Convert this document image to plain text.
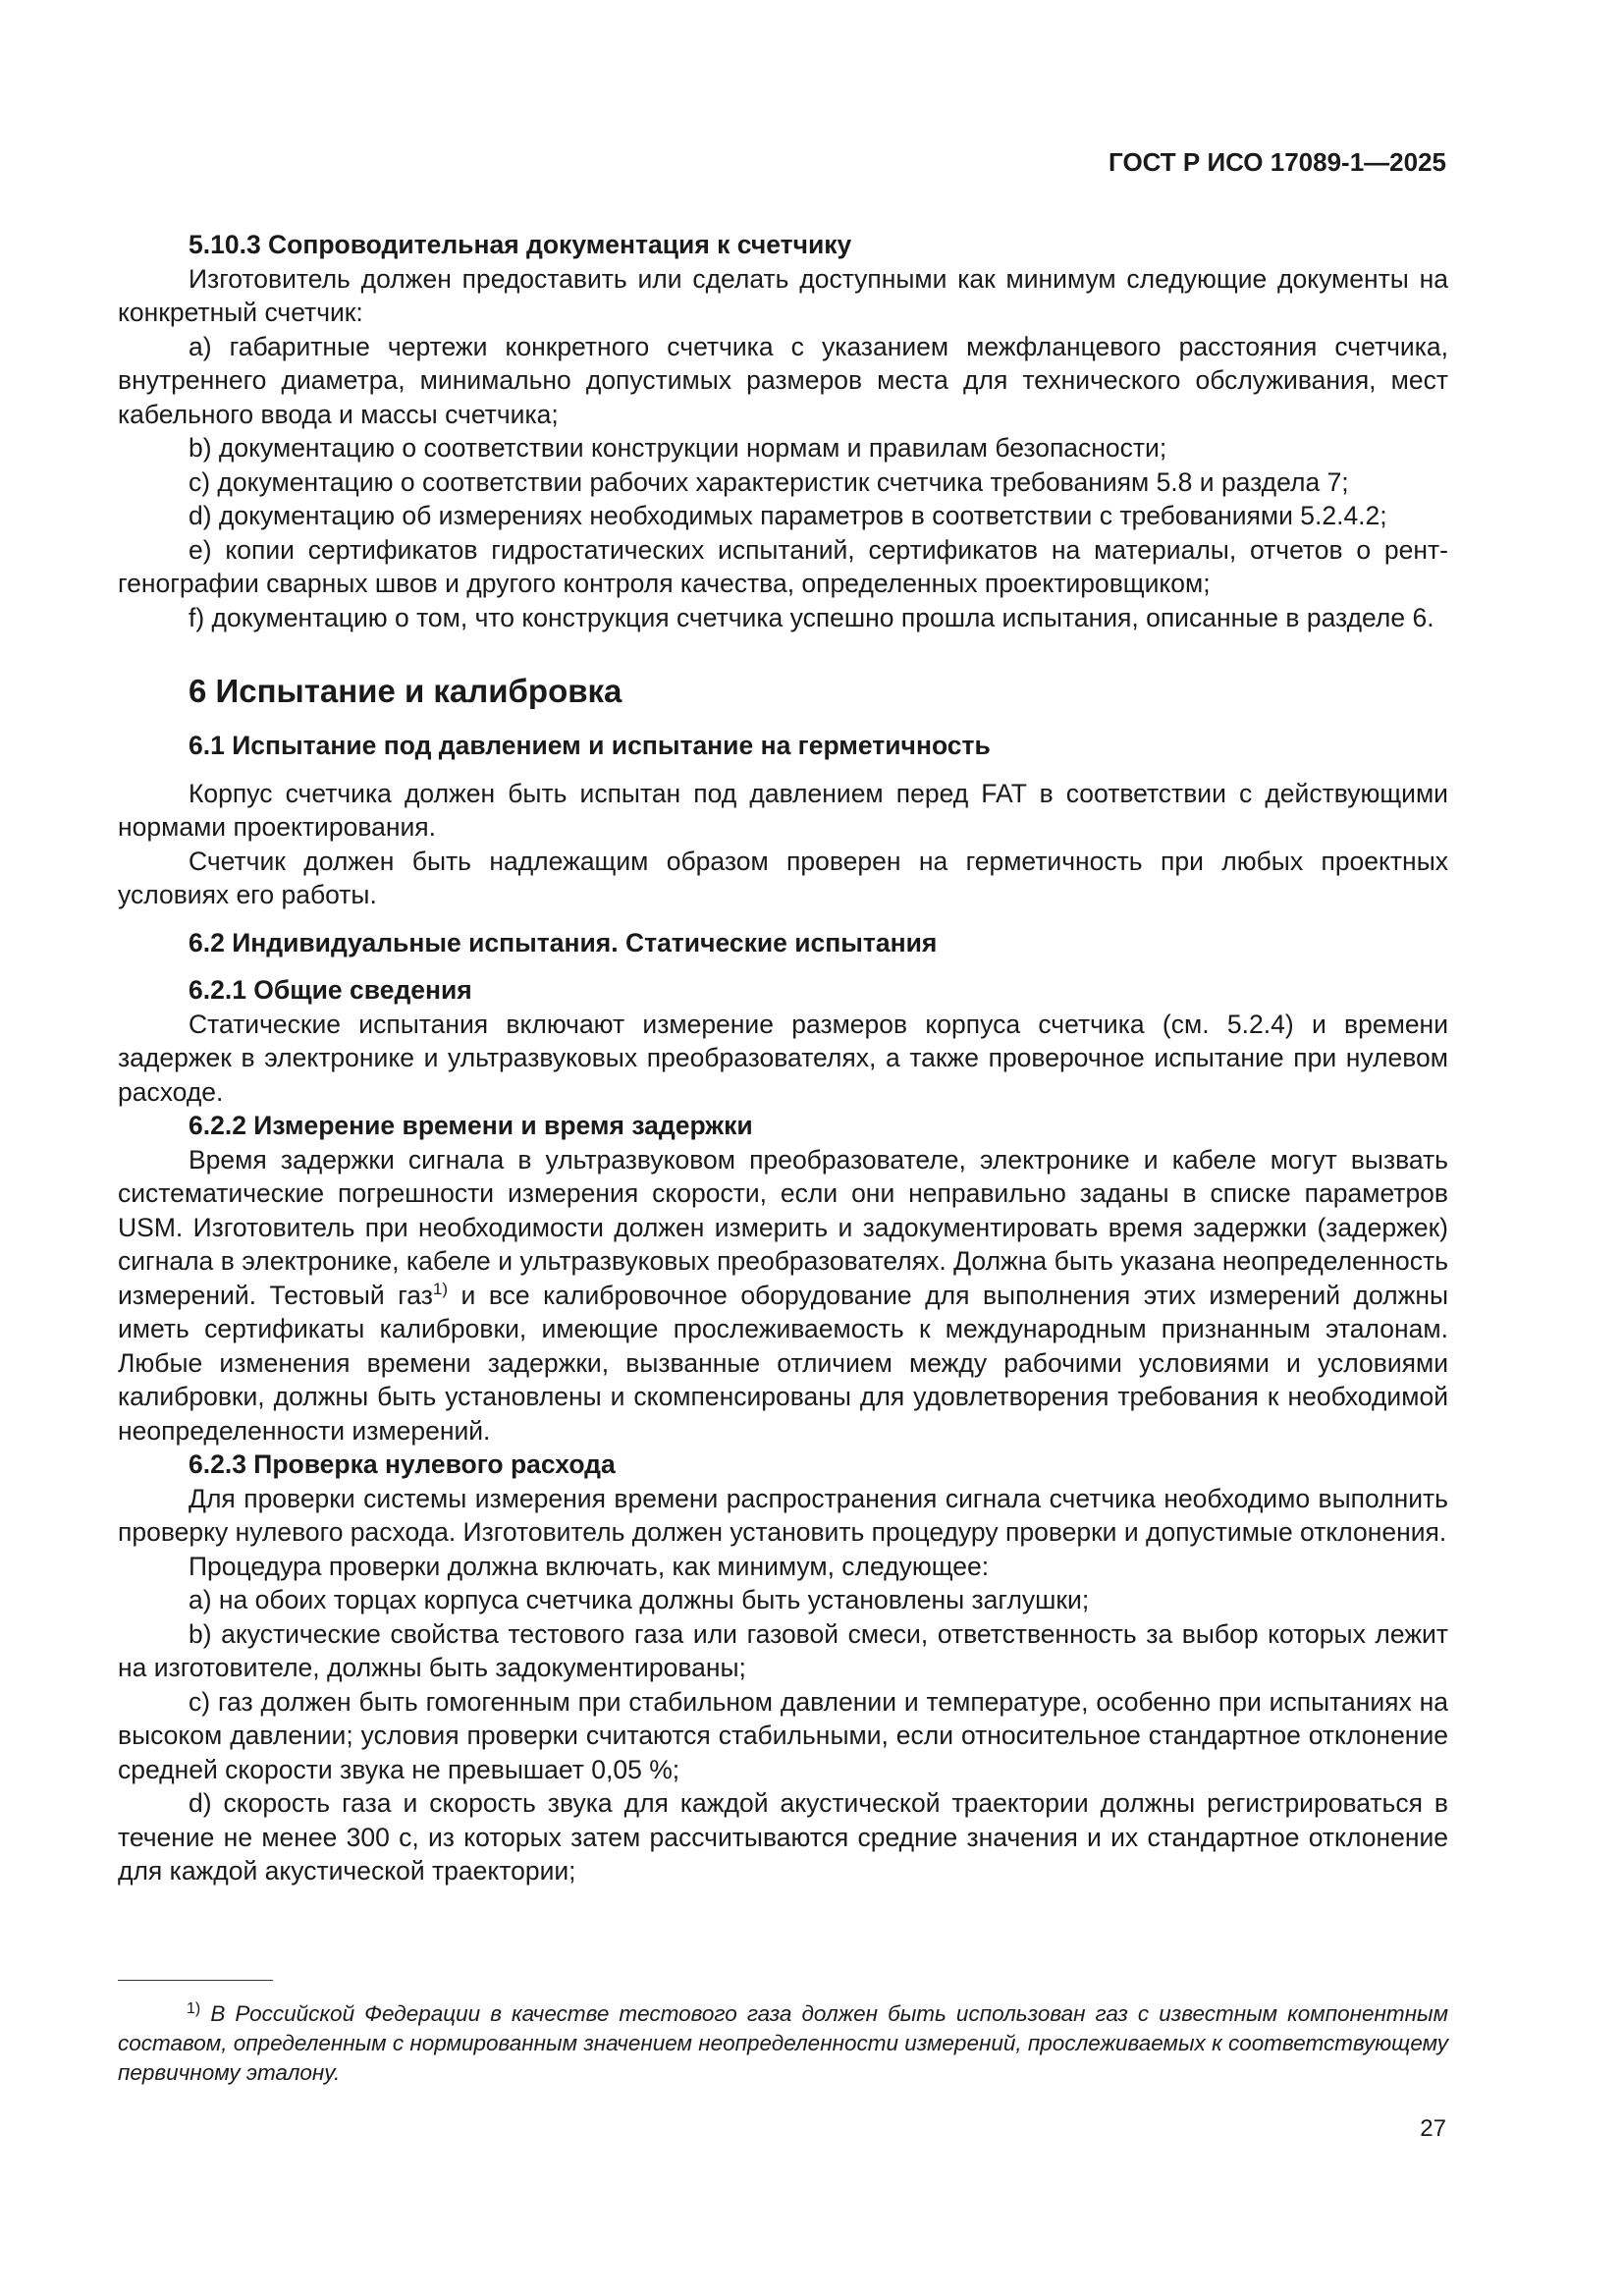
ГОСТ Р ИСО 17089-1—2025

5.10.3 Сопроводительная документация к счетчику

Изготовитель должен предоставить или сделать доступными как минимум следующие документы на конкретный счетчик:

a) габаритные чертежи конкретного счетчика с указанием межфланцевого расстояния счетчика, внутреннего диаметра, минимально допустимых размеров места для технического обслуживания, мест кабельного ввода и массы счетчика;

b) документацию о соответствии конструкции нормам и правилам безопасности;

c) документацию о соответствии рабочих характеристик счетчика требованиям 5.8 и раздела 7;

d) документацию об измерениях необходимых параметров в соответствии с требованиями 5.2.4.2;

e) копии сертификатов гидростатических испытаний, сертификатов на материалы, отчетов о рентгенографии сварных швов и другого контроля качества, определенных проектировщиком;

f) документацию о том, что конструкция счетчика успешно прошла испытания, описанные в разделе 6.

6 Испытание и калибровка

6.1 Испытание под давлением и испытание на герметичность

Корпус счетчика должен быть испытан под давлением перед FAT в соответствии с действующими нормами проектирования.

Счетчик должен быть надлежащим образом проверен на герметичность при любых проектных условиях его работы.

6.2 Индивидуальные испытания. Статические испытания

6.2.1 Общие сведения

Статические испытания включают измерение размеров корпуса счетчика (см. 5.2.4) и времени задержек в электронике и ультразвуковых преобразователях, а также проверочное испытание при нулевом расходе.

6.2.2 Измерение времени и время задержки

Время задержки сигнала в ультразвуковом преобразователе, электронике и кабеле могут вызвать систематические погрешности измерения скорости, если они неправильно заданы в списке параметров USM. Изготовитель при необходимости должен измерить и задокументировать время задержки (задержек) сигнала в электронике, кабеле и ультразвуковых преобразователях. Должна быть указана неопределенность измерений. Тестовый газ$^{1)}$ и все калибровочное оборудование для выполнения этих измерений должны иметь сертификаты калибровки, имеющие прослеживаемость к международным признанным эталонам. Любые изменения времени задержки, вызванные отличием между рабочими условиями и условиями калибровки, должны быть установлены и скомпенсированы для удовлетворения требования к необходимой неопределенности измерений.

6.2.3 Проверка нулевого расхода

Для проверки системы измерения времени распространения сигнала счетчика необходимо выполнить проверку нулевого расхода. Изготовитель должен установить процедуру проверки и допустимые отклонения.

Процедура проверки должна включать, как минимум, следующее:

a) на обоих торцах корпуса счетчика должны быть установлены заглушки;

b) акустические свойства тестового газа или газовой смеси, ответственность за выбор которых лежит на изготовителе, должны быть задокументированы;

c) газ должен быть гомогенным при стабильном давлении и температуре, особенно при испытаниях на высоком давлении; условия проверки считаются стабильными, если относительное стандартное отклонение средней скорости звука не превышает 0,05 %;

d) скорость газа и скорость звука для каждой акустической траектории должны регистрироваться в течение не менее 300 с, из которых затем рассчитываются средние значения и их стандартное отклонение для каждой акустической траектории;

$^{1)}$ В Российской Федерации в качестве тестового газа должен быть использован газ с известным компонентным составом, определенным с нормированным значением неопределенности измерений, прослеживаемых к соответствующему первичному эталону.

27
